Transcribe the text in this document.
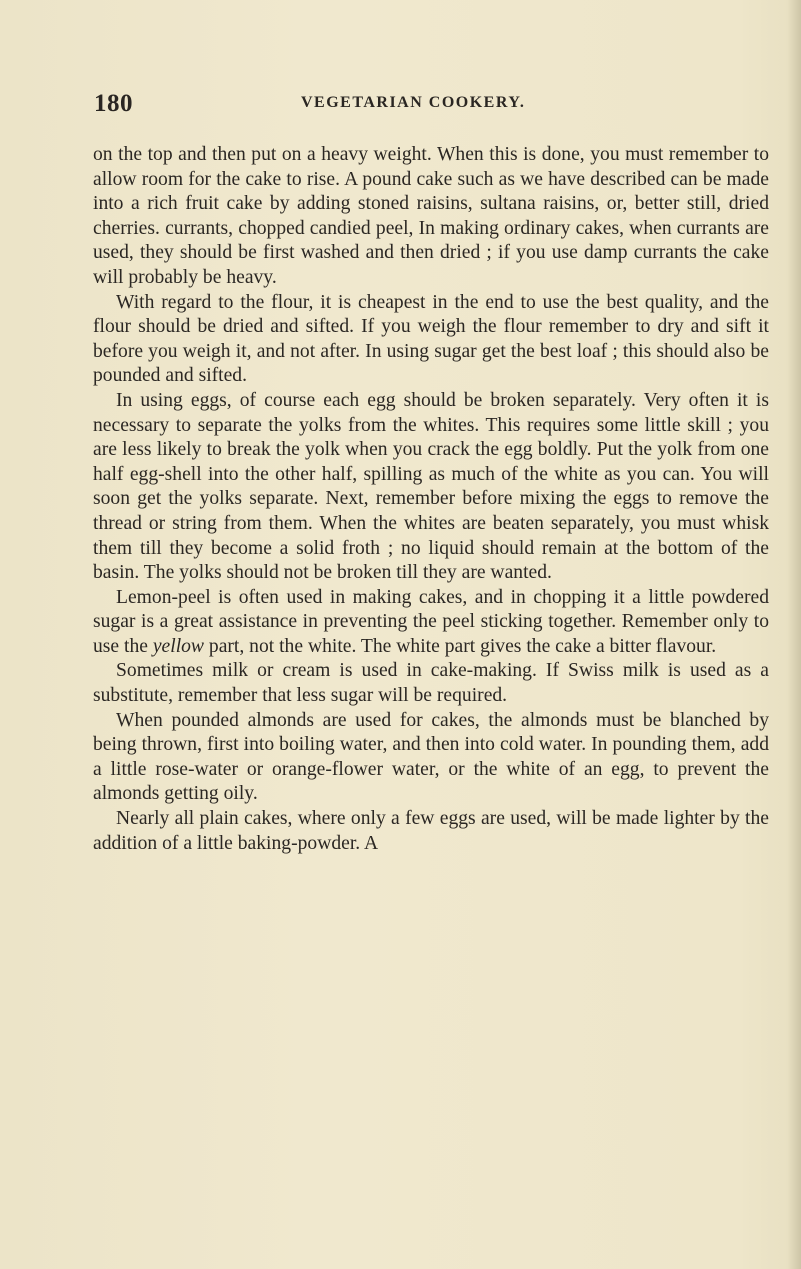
180	VEGETARIAN COOKERY.

on the top and then put on a heavy weight. When this is done, you must remember to allow room for the cake to rise. A pound cake such as we have described can be made into a rich fruit cake by adding stoned raisins, sultana raisins, or, better still, dried cherries. currants, chopped candied peel, In making ordinary cakes, when currants are used, they should be first washed and then dried ; if you use damp currants the cake will probably be heavy.

With regard to the flour, it is cheapest in the end to use the best quality, and the flour should be dried and sifted. If you weigh the flour remember to dry and sift it before you weigh it, and not after. In using sugar get the best loaf ; this should also be pounded and sifted.

In using eggs, of course each egg should be broken separately. Very often it is necessary to separate the yolks from the whites. This requires some little skill ; you are less likely to break the yolk when you crack the egg boldly. Put the yolk from one half egg-shell into the other half, spilling as much of the white as you can. You will soon get the yolks separate. Next, remember before mixing the eggs to remove the thread or string from them. When the whites are beaten separately, you must whisk them till they become a solid froth ; no liquid should remain at the bottom of the basin. The yolks should not be broken till they are wanted.

Lemon-peel is often used in making cakes, and in chopping it a little powdered sugar is a great assistance in preventing the peel sticking together. Remember only to use the yellow part, not the white. The white part gives the cake a bitter flavour.

Sometimes milk or cream is used in cake-making. If Swiss milk is used as a substitute, remember that less sugar will be required.

When pounded almonds are used for cakes, the almonds must be blanched by being thrown, first into boiling water, and then into cold water. In pounding them, add a little rose-water or orange-flower water, or the white of an egg, to prevent the almonds getting oily.

Nearly all plain cakes, where only a few eggs are used, will be made lighter by the addition of a little baking-powder. A
